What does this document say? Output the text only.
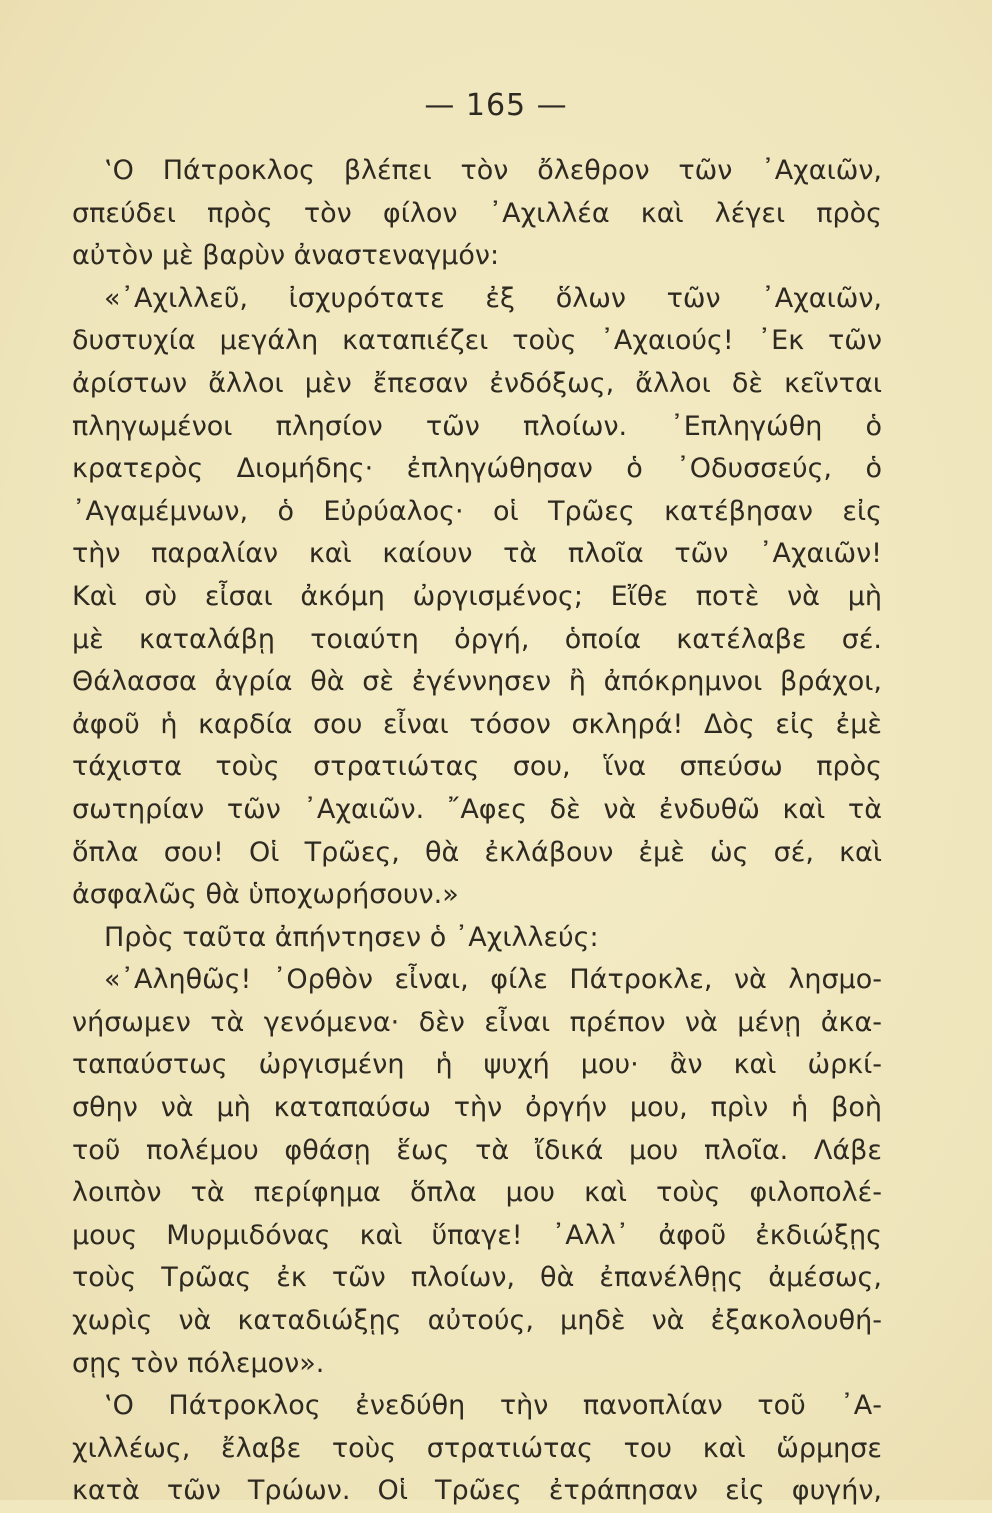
— 165 —
‛Ο Πάτροκλος βλέπει τὸν ὄλεθρον τῶν ᾿Αχαιῶν,
σπεύδει πρὸς τὸν φίλον ᾿Αχιλλέα καὶ λέγει πρὸς
αὐτὸν μὲ βαρὺν ἀναστεναγμόν:
«᾿Αχιλλεῦ, ἰσχυρότατε ἐξ ὅλων τῶν ᾿Αχαιῶν,
δυστυχία μεγάλη καταπιέζει τοὺς ᾿Αχαιούς! ᾿Εκ τῶν
ἀρίστων ἄλλοι μὲν ἔπεσαν ἐνδόξως, ἄλλοι δὲ κεῖνται
πληγωμένοι πλησίον τῶν πλοίων. ᾿Επληγώθη ὁ
κρατερὸς Διομήδης· ἐπληγώθησαν ὁ ᾿Οδυσσεύς, ὁ
᾿Αγαμέμνων, ὁ Εὐρύαλος· οἱ Τρῶες κατέβησαν εἰς
τὴν παραλίαν καὶ καίουν τὰ πλοῖα τῶν ᾿Αχαιῶν!
Καὶ σὺ εἶσαι ἀκόμη ὠργισμένος; Εἴθε ποτὲ νὰ μὴ
μὲ καταλάβῃ τοιαύτη ὀργή, ὁποία κατέλαβε σέ.
Θάλασσα ἀγρία θὰ σὲ ἐγέννησεν ἢ ἀπόκρημνοι βράχοι,
ἀφοῦ ἡ καρδία σου εἶναι τόσον σκληρά! Δὸς εἰς ἐμὲ
τάχιστα τοὺς στρατιώτας σου, ἵνα σπεύσω πρὸς
σωτηρίαν τῶν ᾿Αχαιῶν. ῎Αφες δὲ νὰ ἐνδυθῶ καὶ τὰ
ὅπλα σου! Οἱ Τρῶες, θὰ ἐκλάβουν ἐμὲ ὡς σέ, καὶ
ἀσφαλῶς θὰ ὑποχωρήσουν.»
Πρὸς ταῦτα ἀπήντησεν ὁ ᾿Αχιλλεύς:
«᾿Αληθῶς! ᾿Ορθὸν εἶναι, φίλε Πάτροκλε, νὰ λησμο-
νήσωμεν τὰ γενόμενα· δὲν εἶναι πρέπον νὰ μένῃ ἀκα-
ταπαύστως ὠργισμένη ἡ ψυχή μου· ἂν καὶ ὠρκί-
σθην νὰ μὴ καταπαύσω τὴν ὀργήν μου, πρὶν ἡ βοὴ
τοῦ πολέμου φθάσῃ ἕως τὰ ἴδικά μου πλοῖα. Λάβε
λοιπὸν τὰ περίφημα ὅπλα μου καὶ τοὺς φιλοπολέ-
μους Μυρμιδόνας καὶ ὕπαγε! ᾿Αλλ᾿ ἀφοῦ ἐκδιώξῃς
τοὺς Τρῶας ἐκ τῶν πλοίων, θὰ ἐπανέλθῃς ἀμέσως,
χωρὶς νὰ καταδιώξῃς αὐτούς, μηδὲ νὰ ἐξακολουθή-
σῃς τὸν πόλεμον».
‛Ο Πάτροκλος ἐνεδύθη τὴν πανοπλίαν τοῦ ᾿Α-
χιλλέως, ἔλαβε τοὺς στρατιώτας του καὶ ὥρμησε
κατὰ τῶν Τρώων. Οἱ Τρῶες ἐτράπησαν εἰς φυγήν,
